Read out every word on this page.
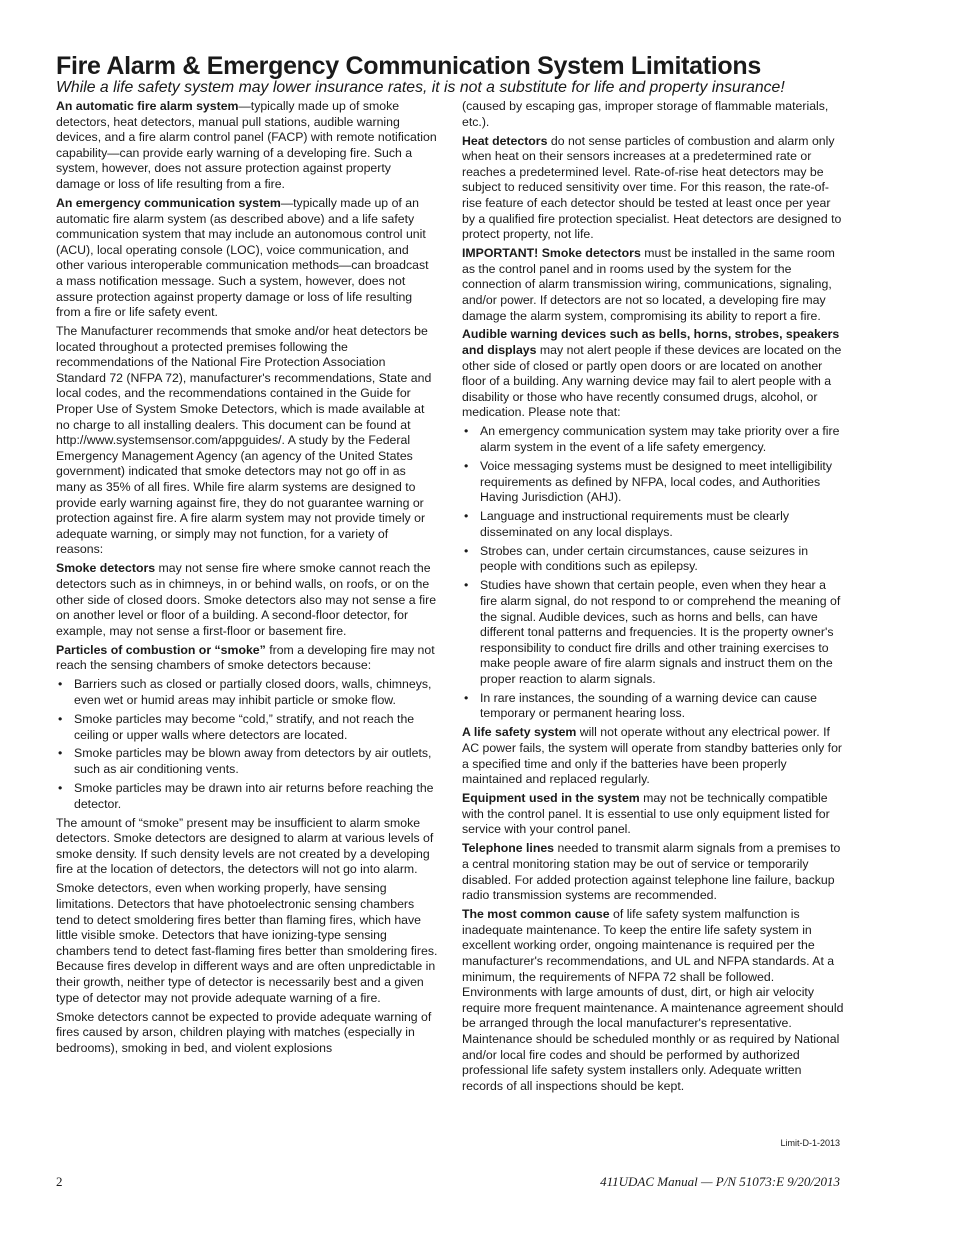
Fire Alarm & Emergency Communication System Limitations
While a life safety system may lower insurance rates, it is not a substitute for life and property insurance!

An automatic fire alarm system—typically made up of smoke detectors, heat detectors, manual pull stations, audible warning devices, and a fire alarm control panel (FACP) with remote notification capability—can provide early warning of a developing fire. Such a system, however, does not assure protection against property damage or loss of life resulting from a fire.

An emergency communication system—typically made up of an automatic fire alarm system (as described above) and a life safety communication system that may include an autonomous control unit (ACU), local operating console (LOC), voice communication, and other various interoperable communication methods—can broadcast a mass notification message. Such a system, however, does not assure protection against property damage or loss of life resulting from a fire or life safety event.

The Manufacturer recommends that smoke and/or heat detectors be located throughout a protected premises following the recommendations of the National Fire Protection Association Standard 72 (NFPA 72), manufacturer's recommendations, State and local codes, and the recommendations contained in the Guide for Proper Use of System Smoke Detectors, which is made available at no charge to all installing dealers. This document can be found at http://www.systemsensor.com/appguides/. A study by the Federal Emergency Management Agency (an agency of the United States government) indicated that smoke detectors may not go off in as many as 35% of all fires. While fire alarm systems are designed to provide early warning against fire, they do not guarantee warning or protection against fire. A fire alarm system may not provide timely or adequate warning, or simply may not function, for a variety of reasons:

Smoke detectors may not sense fire where smoke cannot reach the detectors such as in chimneys, in or behind walls, on roofs, or on the other side of closed doors. Smoke detectors also may not sense a fire on another level or floor of a building. A second-floor detector, for example, may not sense a first-floor or basement fire.

Particles of combustion or “smoke” from a developing fire may not reach the sensing chambers of smoke detectors because:

• Barriers such as closed or partially closed doors, walls, chimneys, even wet or humid areas may inhibit particle or smoke flow.
• Smoke particles may become “cold,” stratify, and not reach the ceiling or upper walls where detectors are located.
• Smoke particles may be blown away from detectors by air outlets, such as air conditioning vents.
• Smoke particles may be drawn into air returns before reaching the detector.

The amount of “smoke” present may be insufficient to alarm smoke detectors. Smoke detectors are designed to alarm at various levels of smoke density. If such density levels are not created by a developing fire at the location of detectors, the detectors will not go into alarm.

Smoke detectors, even when working properly, have sensing limitations. Detectors that have photoelectronic sensing chambers tend to detect smoldering fires better than flaming fires, which have little visible smoke. Detectors that have ionizing-type sensing chambers tend to detect fast-flaming fires better than smoldering fires. Because fires develop in different ways and are often unpredictable in their growth, neither type of detector is necessarily best and a given type of detector may not provide adequate warning of a fire.

Smoke detectors cannot be expected to provide adequate warning of fires caused by arson, children playing with matches (especially in bedrooms), smoking in bed, and violent explosions

(caused by escaping gas, improper storage of flammable materials, etc.).

Heat detectors do not sense particles of combustion and alarm only when heat on their sensors increases at a predetermined rate or reaches a predetermined level. Rate-of-rise heat detectors may be subject to reduced sensitivity over time. For this reason, the rate-of-rise feature of each detector should be tested at least once per year by a qualified fire protection specialist. Heat detectors are designed to protect property, not life.

IMPORTANT! Smoke detectors must be installed in the same room as the control panel and in rooms used by the system for the connection of alarm transmission wiring, communications, signaling, and/or power. If detectors are not so located, a developing fire may damage the alarm system, compromising its ability to report a fire.

Audible warning devices such as bells, horns, strobes, speakers and displays may not alert people if these devices are located on the other side of closed or partly open doors or are located on another floor of a building. Any warning device may fail to alert people with a disability or those who have recently consumed drugs, alcohol, or medication. Please note that:

• An emergency communication system may take priority over a fire alarm system in the event of a life safety emergency.
• Voice messaging systems must be designed to meet intelligibility requirements as defined by NFPA, local codes, and Authorities Having Jurisdiction (AHJ).
• Language and instructional requirements must be clearly disseminated on any local displays.
• Strobes can, under certain circumstances, cause seizures in people with conditions such as epilepsy.
• Studies have shown that certain people, even when they hear a fire alarm signal, do not respond to or comprehend the meaning of the signal. Audible devices, such as horns and bells, can have different tonal patterns and frequencies. It is the property owner's responsibility to conduct fire drills and other training exercises to make people aware of fire alarm signals and instruct them on the proper reaction to alarm signals.
• In rare instances, the sounding of a warning device can cause temporary or permanent hearing loss.

A life safety system will not operate without any electrical power. If AC power fails, the system will operate from standby batteries only for a specified time and only if the batteries have been properly maintained and replaced regularly.

Equipment used in the system may not be technically compatible with the control panel. It is essential to use only equipment listed for service with your control panel.

Telephone lines needed to transmit alarm signals from a premises to a central monitoring station may be out of service or temporarily disabled. For added protection against telephone line failure, backup radio transmission systems are recommended.

The most common cause of life safety system malfunction is inadequate maintenance. To keep the entire life safety system in excellent working order, ongoing maintenance is required per the manufacturer's recommendations, and UL and NFPA standards. At a minimum, the requirements of NFPA 72 shall be followed. Environments with large amounts of dust, dirt, or high air velocity require more frequent maintenance. A maintenance agreement should be arranged through the local manufacturer's representative. Maintenance should be scheduled monthly or as required by National and/or local fire codes and should be performed by authorized professional life safety system installers only. Adequate written records of all inspections should be kept.

Limit-D-1-2013
2	411UDAC Manual — P/N 51073:E 9/20/2013
